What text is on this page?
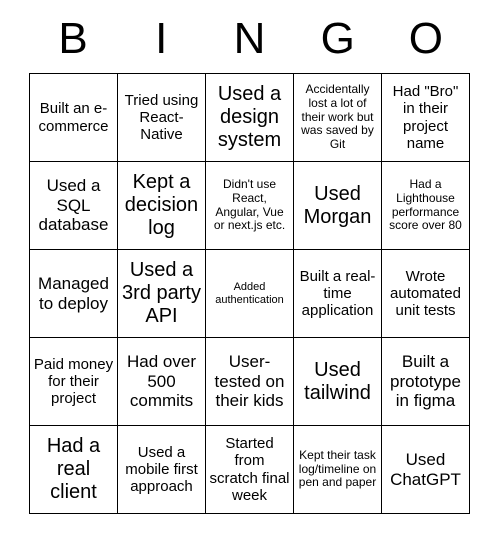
B	I	N	G	O
Built an e-commerce
Tried using React-Native
Used a design system
Accidentally lost a lot of their work but was saved by Git
Had "Bro" in their project name
Used a SQL database
Kept a decision log
Didn't use React, Angular, Vue or next.js etc.
Used Morgan
Had a Lighthouse performance score over 80
Managed to deploy
Used a 3rd party API
Added authentication
Built a real-time application
Wrote automated unit tests
Paid money for their project
Had over 500 commits
User-tested on their kids
Used tailwind
Built a prototype in figma
Had a real client
Used a mobile first approach
Started from scratch final week
Kept their task log/timeline on pen and paper
Used ChatGPT
